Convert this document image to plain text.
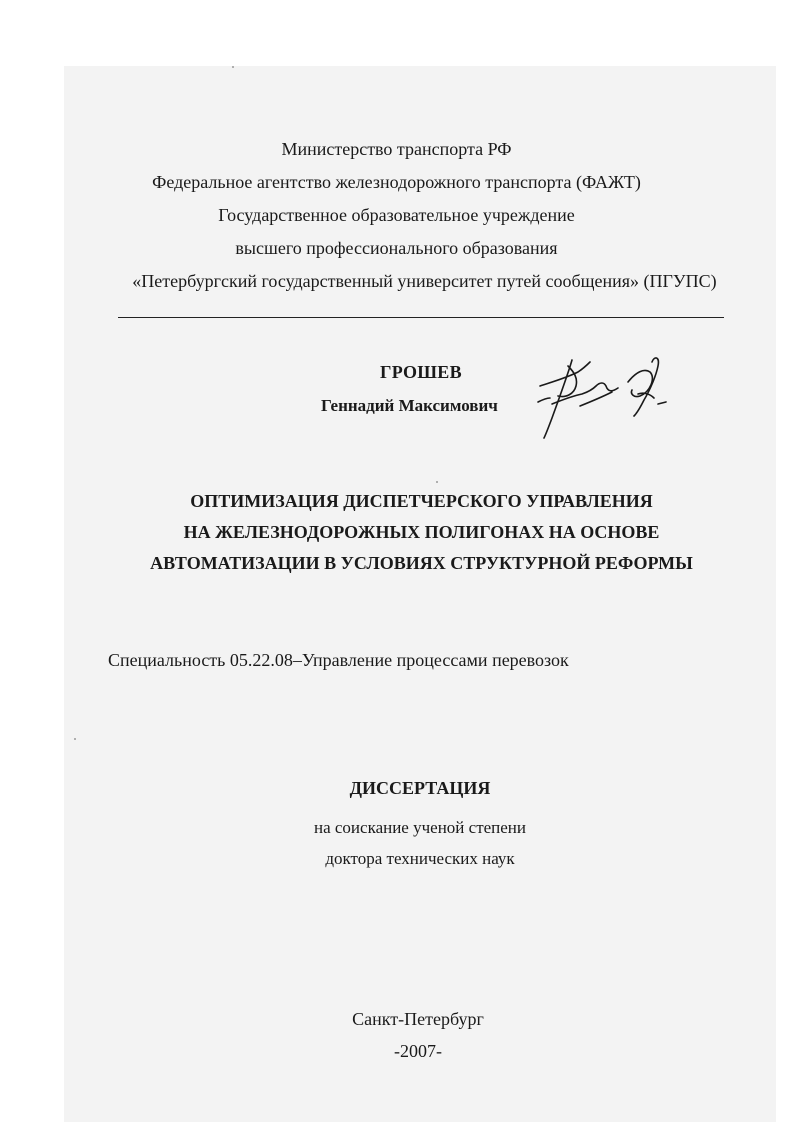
Министерство транспорта РФ
Федеральное агентство железнодорожного транспорта (ФАЖТ)
Государственное образовательное учреждение
высшего профессионального образования
«Петербургский государственный университет путей сообщения» (ПГУПС)
ГРОШЕВ
Геннадий Максимович
ОПТИМИЗАЦИЯ ДИСПЕТЧЕРСКОГО УПРАВЛЕНИЯ
НА ЖЕЛЕЗНОДОРОЖНЫХ ПОЛИГОНАХ НА ОСНОВЕ
АВТОМАТИЗАЦИИ В УСЛОВИЯХ СТРУКТУРНОЙ РЕФОРМЫ
Специальность 05.22.08–Управление процессами перевозок
ДИССЕРТАЦИЯ
на соискание ученой степени
доктора технических наук
Санкт-Петербург
-2007-
